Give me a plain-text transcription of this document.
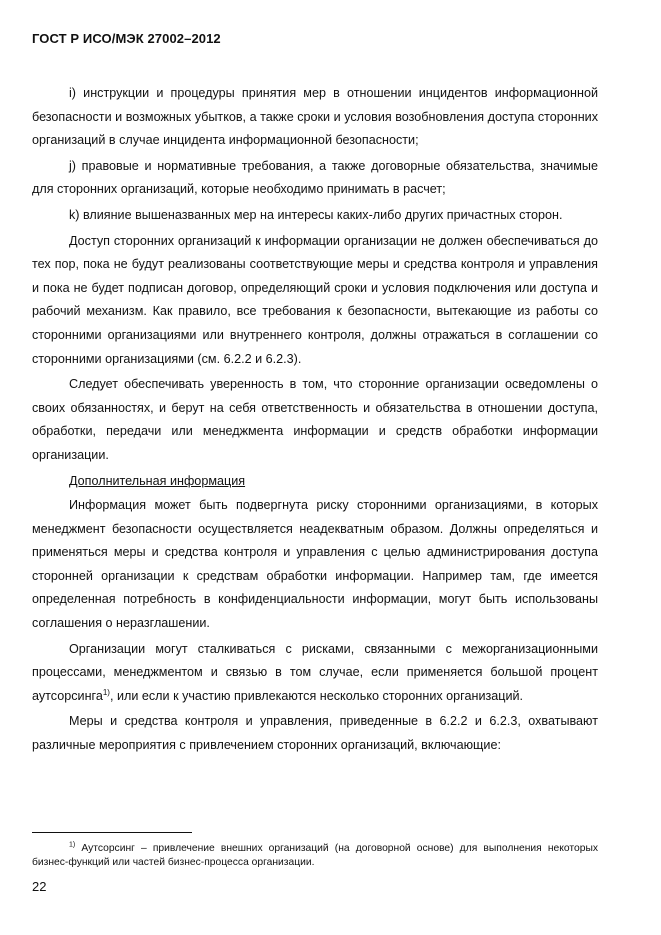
ГОСТ Р ИСО/МЭК 27002–2012

i) инструкции и процедуры принятия мер в отношении инцидентов информационной безопасности и возможных убытков, а также сроки и условия возобновления доступа сторонних организаций в случае инцидента информационной безопасности;

j) правовые и нормативные требования, а также договорные обязательства, значимые для сторонних организаций, которые необходимо принимать в расчет;

k) влияние вышеназванных мер на интересы каких-либо других причастных сторон.

Доступ сторонних организаций к информации организации не должен обеспечиваться до тех пор, пока не будут реализованы соответствующие меры и средства контроля и управления и пока не будет подписан договор, определяющий сроки и условия подключения или доступа и рабочий механизм. Как правило, все требования к безопасности, вытекающие из работы со сторонними организациями или внутреннего контроля, должны отражаться в соглашении со сторонними организациями (см. 6.2.2 и 6.2.3).

Следует обеспечивать уверенность в том, что сторонние организации осведомлены о своих обязанностях, и берут на себя ответственность и обязательства в отношении доступа, обработки, передачи или менеджмента информации и средств обработки информации организации.

Дополнительная информация

Информация может быть подвергнута риску сторонними организациями, в которых менеджмент безопасности осуществляется неадекватным образом. Должны определяться и применяться меры и средства контроля и управления с целью администрирования доступа сторонней организации к средствам обработки информации. Например там, где имеется определенная потребность в конфиденциальности информации, могут быть использованы соглашения о неразглашении.

Организации могут сталкиваться с рисками, связанными с межорганизационными процессами, менеджментом и связью в том случае, если применяется большой процент аутсорсинга$^{1)}$, или если к участию привлекаются несколько сторонних организаций.

Меры и средства контроля и управления, приведенные в 6.2.2 и 6.2.3, охватывают различные мероприятия с привлечением сторонних организаций, включающие:

$^{1)}$ Аутсорсинг – привлечение внешних организаций (на договорной основе) для выполнения некоторых бизнес-функций или частей бизнес-процесса организации.
22
